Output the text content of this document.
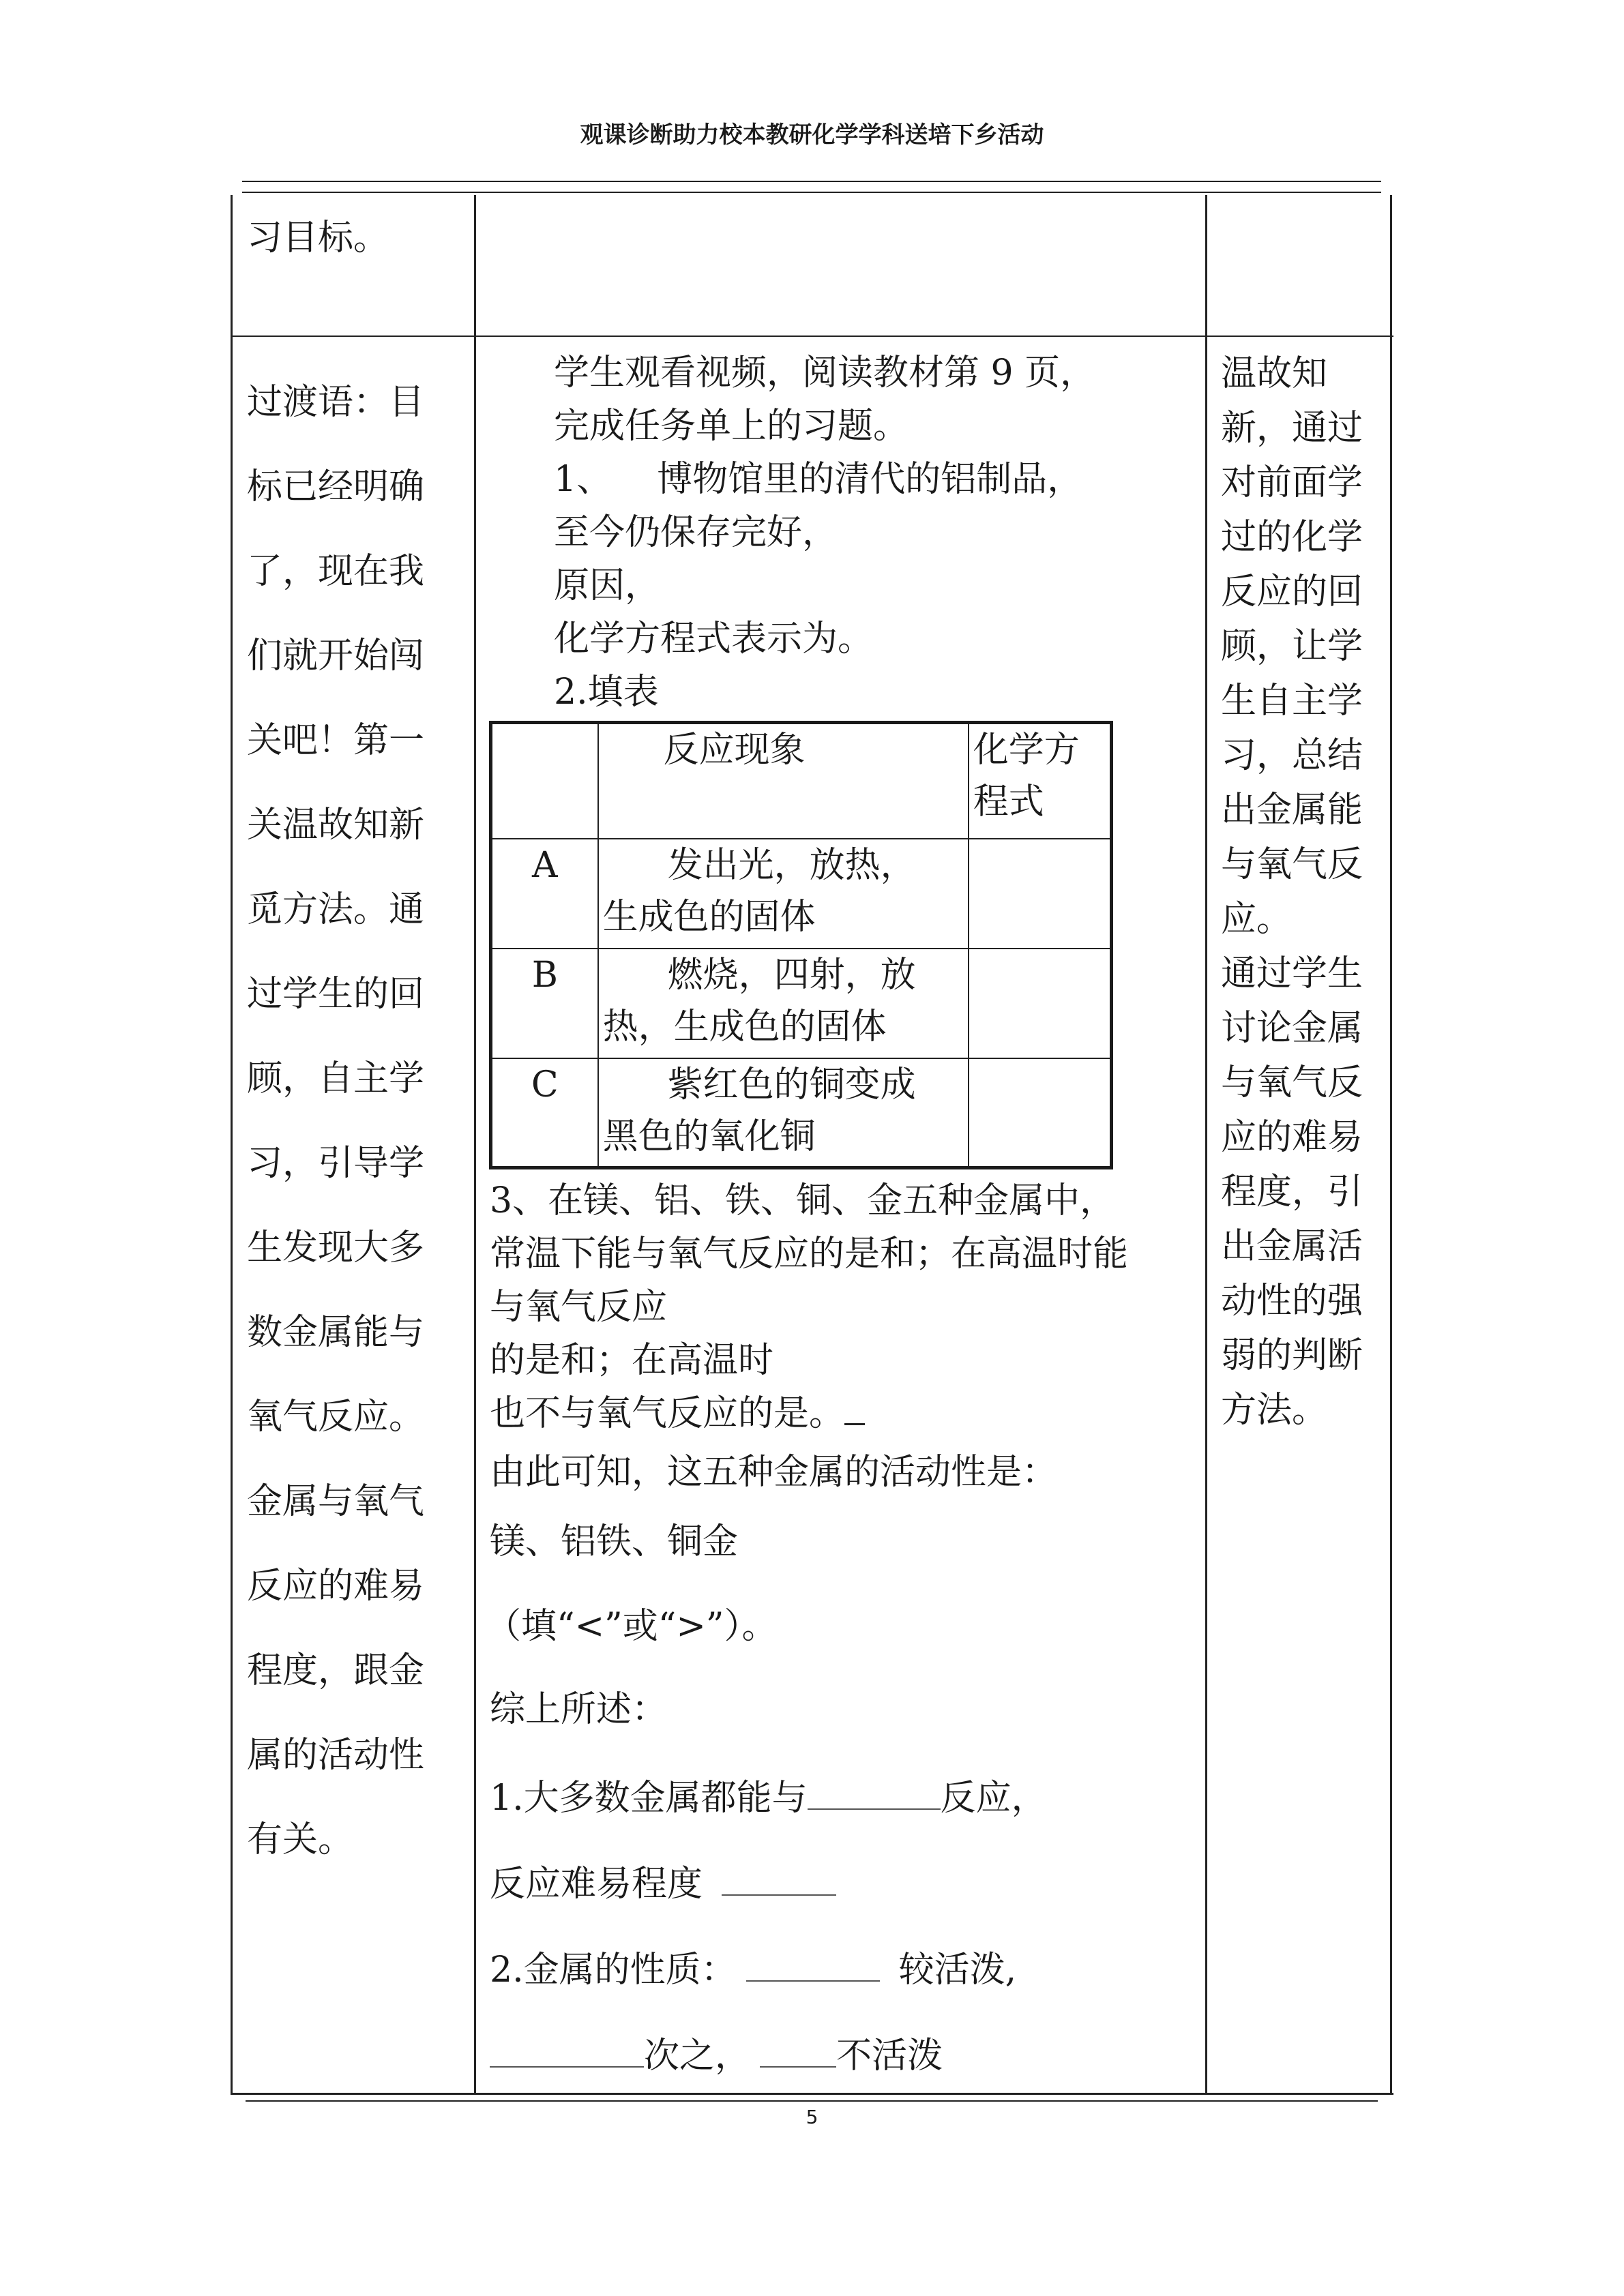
观课诊断助力校本教研化学学科送培下乡活动
5
习目标。
过渡语：目
标已经明确
了，现在我
们就开始闯
关吧！第一
关温故知新
觅方法。通
过学生的回
顾，自主学
习，引导学
生发现大多
数金属能与
氧气反应。
金属与氧气
反应的难易
程度，跟金
属的活动性
有关。
学生观看视频，阅读教材第 9 页，
完成任务单上的习题。
1、    博物馆里的清代的铝制品，
至今仍保存完好，
原因，
化学方程式表示为。
2.填表
	反应现象	化学方程式
A	发出光，放热，
生成色的固体	

B	燃烧，四射，放
热，生成色的固体	

C	紫红色的铜变成
黑色的氧化铜	

3、在镁、铝、铁、铜、金五种金属中，
常温下能与氧气反应的是和；在高温时能
与氧气反应
的是和；在高温时
也不与氧气反应的是。
由此可知，这五种金属的活动性是：
镁、铝铁、铜金
（填“<”或“>”）。
综上所述：
1.大多数金属都能与	反应，
反应难易程度
2.金属的性质：	较活泼,
次之， 不活泼
温故知
新，通过
对前面学
过的化学
反应的回
顾，让学
生自主学
习，总结
出金属能
与氧气反
应。
通过学生
讨论金属
与氧气反
应的难易
程度，引
出金属活
动性的强
弱的判断
方法。
